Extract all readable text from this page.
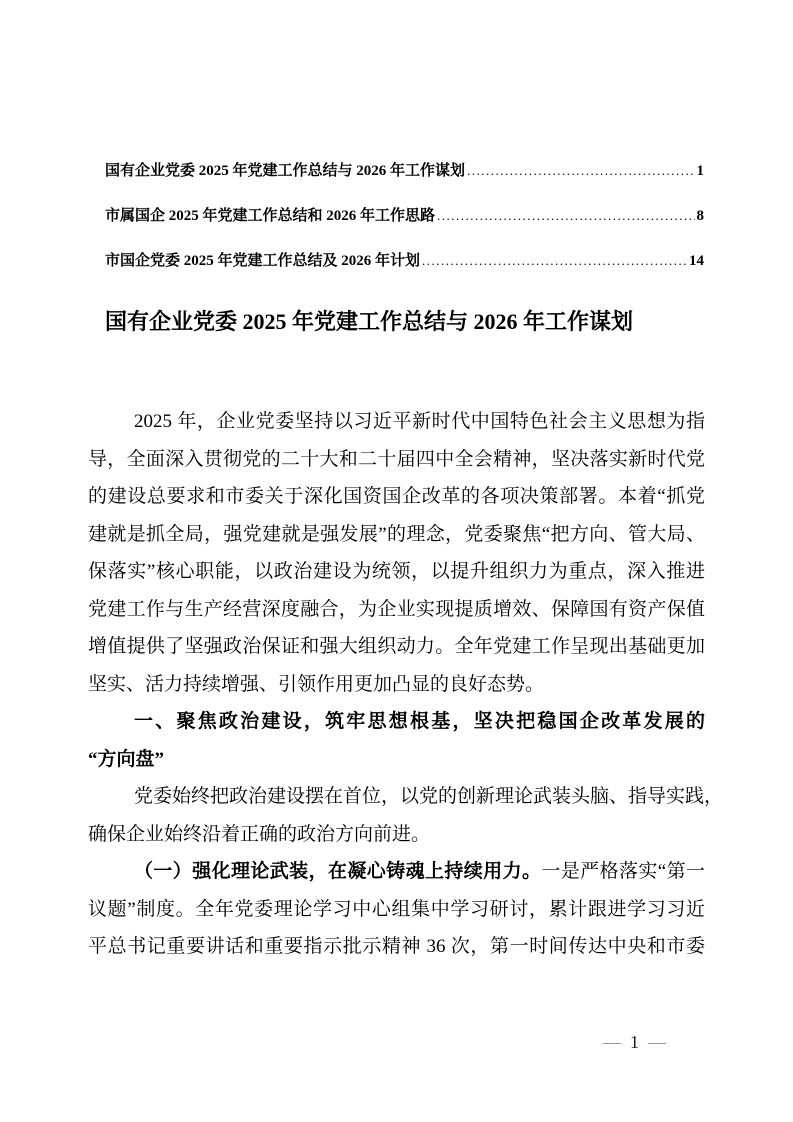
国有企业党委 2025 年党建工作总结与 2026 年工作谋划 .....	1
市属国企 2025 年党建工作总结和 2026 年工作思路 .....	8
市国企党委 2025 年党建工作总结及 2026 年计划 .....	14
国有企业党委 2025 年党建工作总结与 2026 年工作谋划
2025 年，企业党委坚持以习近平新时代中国特色社会主义思想为指
导，全面深入贯彻党的二十大和二十届四中全会精神，坚决落实新时代党
的建设总要求和市委关于深化国资国企改革的各项决策部署。本着“抓党
建就是抓全局，强党建就是强发展”的理念，党委聚焦“把方向、管大局、
保落实”核心职能，以政治建设为统领，以提升组织力为重点，深入推进
党建工作与生产经营深度融合，为企业实现提质增效、保障国有资产保值
增值提供了坚强政治保证和强大组织动力。全年党建工作呈现出基础更加
坚实、活力持续增强、引领作用更加凸显的良好态势。
一、聚焦政治建设，筑牢思想根基，坚决把稳国企改革发展的
“方向盘”
党委始终把政治建设摆在首位，以党的创新理论武装头脑、指导实践，
确保企业始终沿着正确的政治方向前进。
（一）强化理论武装，在凝心铸魂上持续用力。一是严格落实“第一
议题”制度。全年党委理论学习中心组集中学习研讨，累计跟进学习习近
平总书记重要讲话和重要指示批示精神 36 次，第一时间传达中央和市委
— 1 —
